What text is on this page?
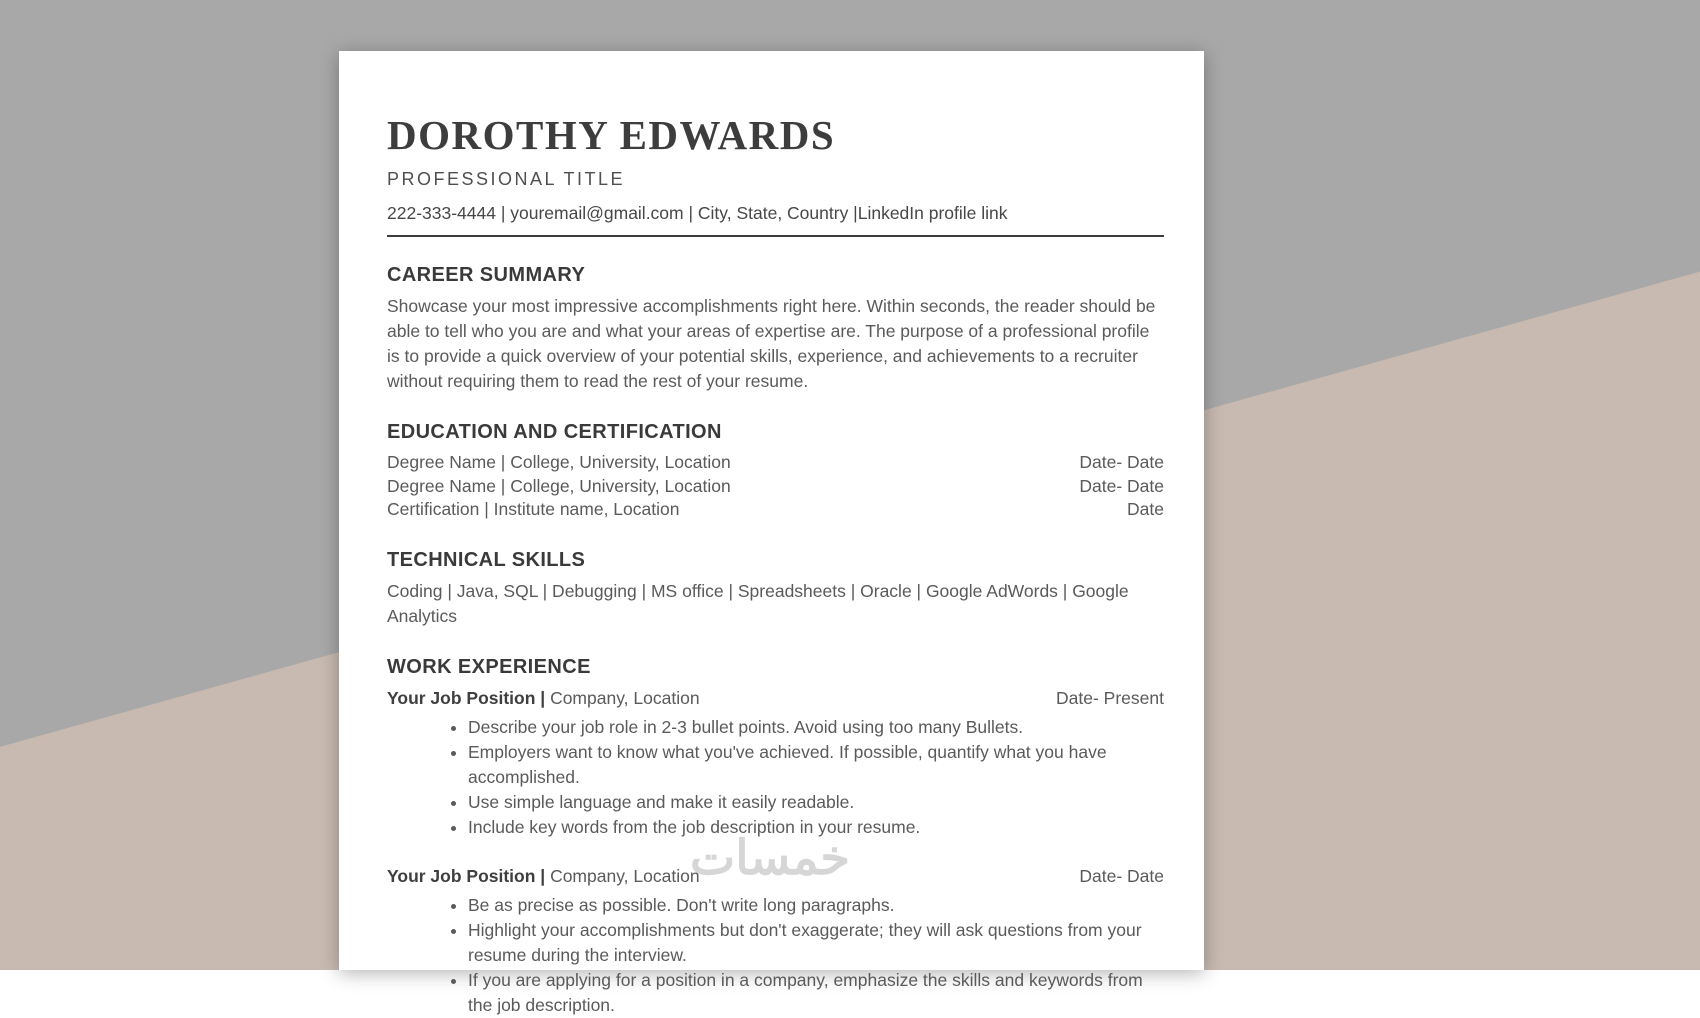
DOROTHY EDWARDS
PROFESSIONAL TITLE
222-333-4444 | youremail@gmail.com | City, State, Country |LinkedIn profile link
CAREER SUMMARY
Showcase your most impressive accomplishments right here. Within seconds, the reader should be able to tell who you are and what your areas of expertise are. The purpose of a professional profile is to provide a quick overview of your potential skills, experience, and achievements to a recruiter without requiring them to read the rest of your resume.
EDUCATION AND CERTIFICATION
Degree Name | College, University, Location	Date- Date
Degree Name | College, University, Location	Date- Date
Certification | Institute name, Location	Date
TECHNICAL SKILLS
Coding | Java, SQL | Debugging | MS office | Spreadsheets | Oracle | Google AdWords | Google Analytics
WORK EXPERIENCE
Your Job Position | Company, Location	Date- Present
• Describe your job role in 2-3 bullet points. Avoid using too many Bullets.
• Employers want to know what you've achieved. If possible, quantify what you have accomplished.
• Use simple language and make it easily readable.
• Include key words from the job description in your resume.
Your Job Position | Company, Location	Date- Date
• Be as precise as possible. Don't write long paragraphs.
• Highlight your accomplishments but don't exaggerate; they will ask questions from your resume during the interview.
• If you are applying for a position in a company, emphasize the skills and keywords from the job description.
خمسات
